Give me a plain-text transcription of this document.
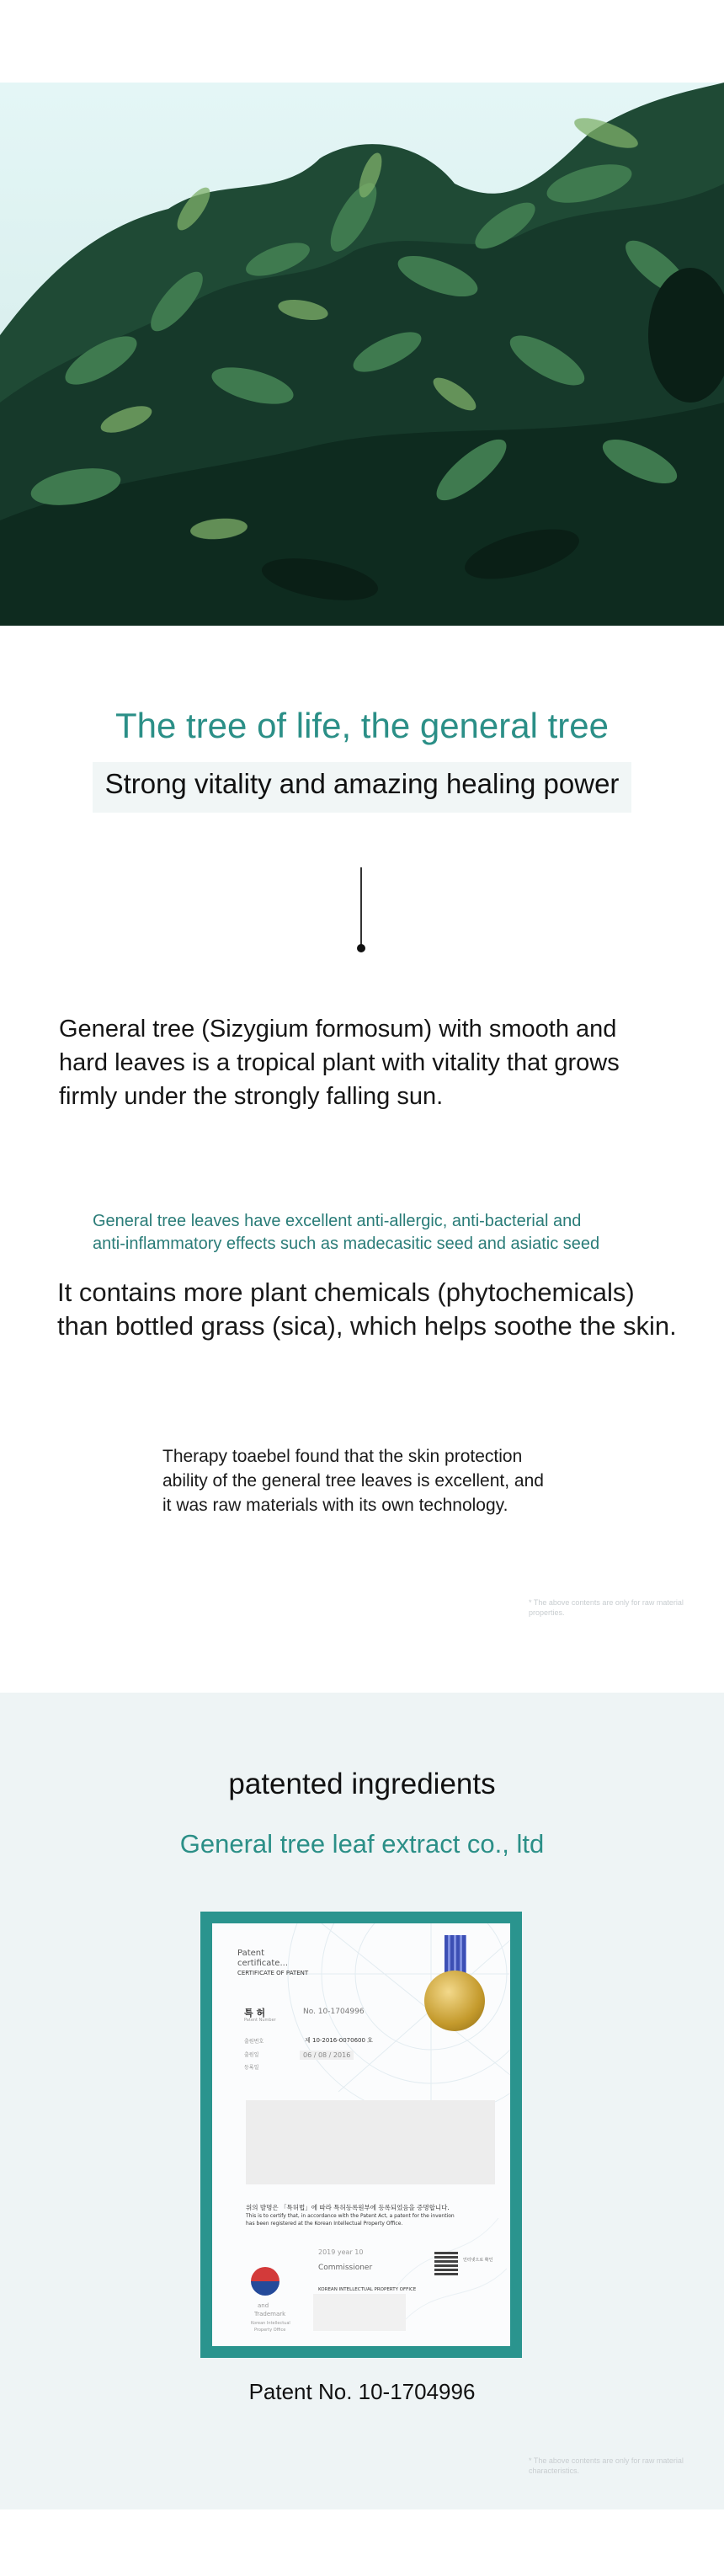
The tree of life, the general tree
Strong vitality and amazing healing power
General tree (Sizygium formosum) with smooth and
hard leaves is a tropical plant with vitality that grows
firmly under the strongly falling sun.
General tree leaves have excellent anti-allergic, anti-bacterial and
anti-inflammatory effects such as madecasitic seed and asiatic seed
It contains more plant chemicals (phytochemicals)
than bottled grass (sica), which helps soothe the skin.
Therapy toaebel found that the skin protection
ability of the general tree leaves is excellent, and
it was raw materials with its own technology.
* The above contents are only for raw material properties.
patented ingredients
General tree leaf extract co., ltd
Patent
certificate...
CERTIFICATE OF PATENT
특 허	No. 10-1704996
Patent Number
출원번호	제 10-2016-0070600 호
출원일	06 / 08 / 2016
등록일
위의 발명은 「특허법」에 따라 특허등록원부에 등록되었음을 증명합니다.
This is to certify that, in accordance with the Patent Act, a patent for the invention
has been registered at the Korean Intellectual Property Office.
2019 year 10
Commissioner
KOREAN INTELLECTUAL PROPERTY OFFICE
인터넷으로 확인
and
Trademark
Korean Intellectual
Property Office
Patent No. 10-1704996
* The above contents are only for raw material characteristics.
